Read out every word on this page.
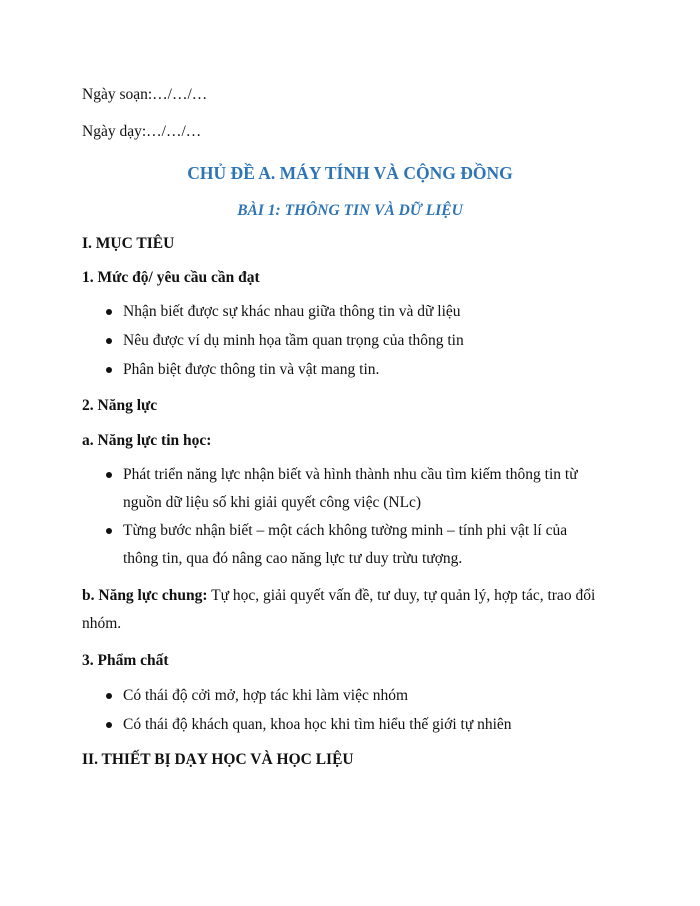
Ngày soạn:…/…/…
Ngày dạy:…/…/…
CHỦ ĐỀ A. MÁY TÍNH VÀ CỘNG ĐỒNG
BÀI 1: THÔNG TIN VÀ DỮ LIỆU
I. MỤC TIÊU
1. Mức độ/ yêu cầu cần đạt
Nhận biết được sự khác nhau giữa thông tin và dữ liệu
Nêu được ví dụ minh họa tầm quan trọng của thông tin
Phân biệt được thông tin và vật mang tin.
2. Năng lực
a. Năng lực tin học:
Phát triển năng lực nhận biết và hình thành nhu cầu tìm kiếm thông tin từ
nguồn dữ liệu số khi giải quyết công việc (NLc)
Từng bước nhận biết – một cách không tường minh – tính phi vật lí của
thông tin, qua đó nâng cao năng lực tư duy trừu tượng.
b. Năng lực chung: Tự học, giải quyết vấn đề, tư duy, tự quản lý, hợp tác, trao đổi
nhóm.
3. Phẩm chất
Có thái độ cởi mở, hợp tác khi làm việc nhóm
Có thái độ khách quan, khoa học khi tìm hiểu thế giới tự nhiên
II. THIẾT BỊ DẠY HỌC VÀ HỌC LIỆU
